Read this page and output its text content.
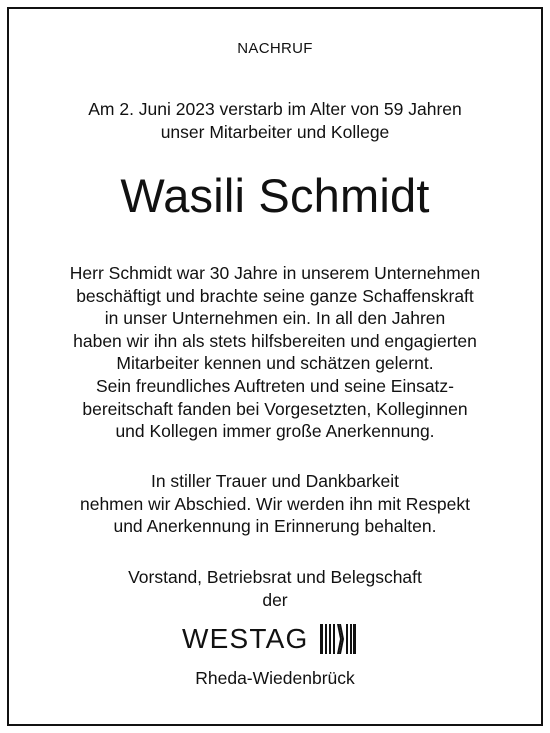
NACHRUF
Am 2. Juni 2023 verstarb im Alter von 59 Jahren
unser Mitarbeiter und Kollege
Wasili Schmidt
Herr Schmidt war 30 Jahre in unserem Unternehmen
beschäftigt und brachte seine ganze Schaffenskraft
in unser Unternehmen ein. In all den Jahren
haben wir ihn als stets hilfsbereiten und engagierten
Mitarbeiter kennen und schätzen gelernt.
Sein freundliches Auftreten und seine Einsatz-
bereitschaft fanden bei Vorgesetzten, Kolleginnen
und Kollegen immer große Anerkennung.
In stiller Trauer und Dankbarkeit
nehmen wir Abschied. Wir werden ihn mit Respekt
und Anerkennung in Erinnerung behalten.
Vorstand, Betriebsrat und Belegschaft
der
WESTAG
Rheda-Wiedenbrück
